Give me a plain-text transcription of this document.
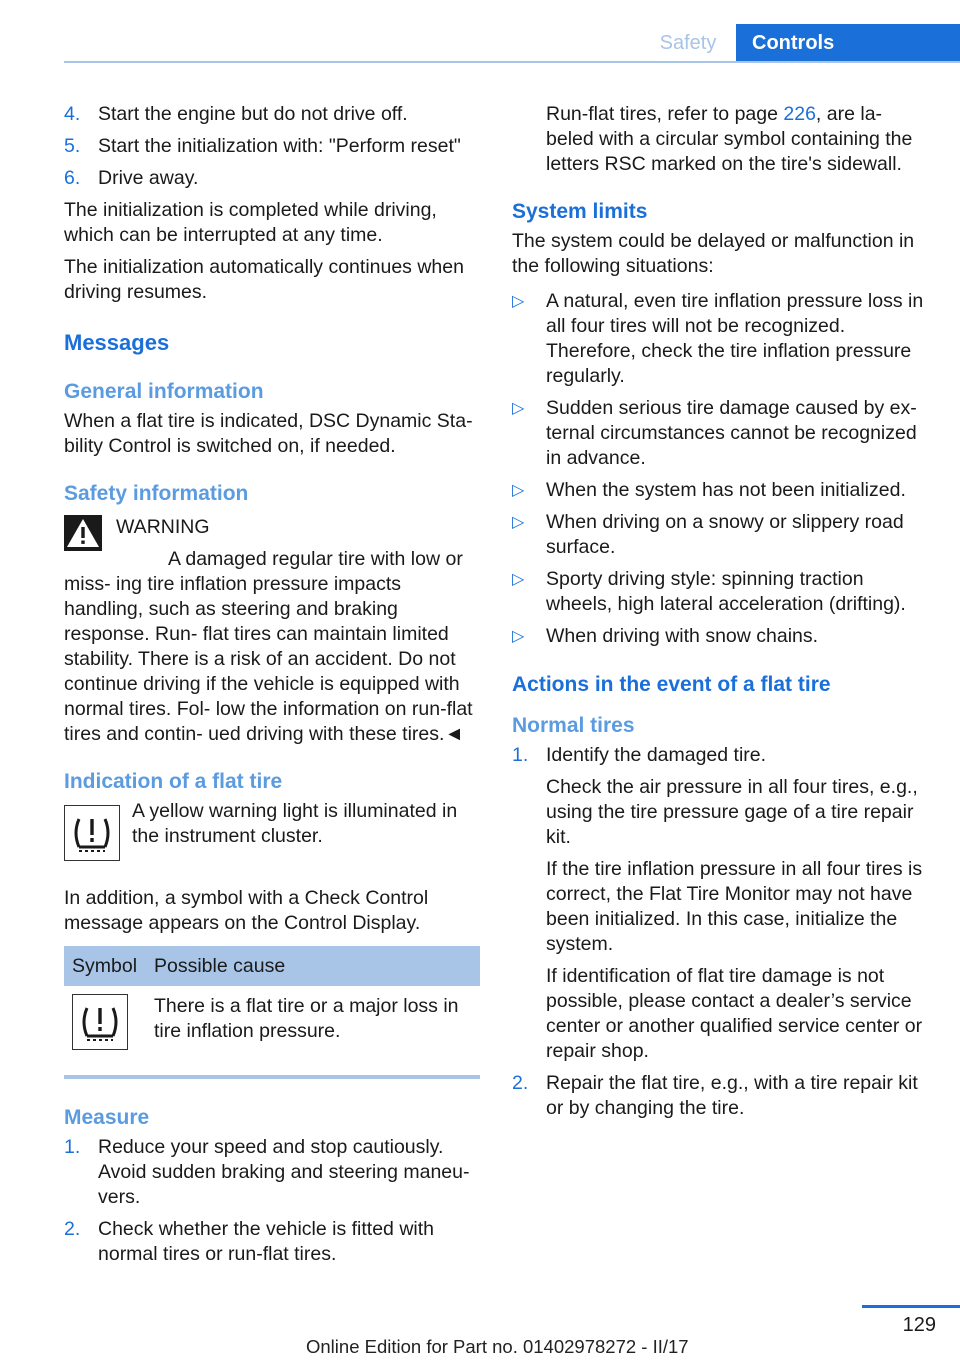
Safety	Controls
4. Start the engine but do not drive off.
5. Start the initialization with: "Perform reset"
6. Drive away.

The initialization is completed while driving, which can be interrupted at any time.

The initialization automatically continues when driving resumes.

Messages
General information

When a flat tire is indicated, DSC Dynamic Sta- bility Control is switched on, if needed.

Safety information
WARNING

A damaged regular tire with low or miss- ing tire inflation pressure impacts handling, such as steering and braking response. Run- flat tires can maintain limited stability. There is a risk of an accident. Do not continue driving if the vehicle is equipped with normal tires. Fol- low the information on run-flat tires and contin- ued driving with these tires.◄

Indication of a flat tire

A yellow warning light is illuminated in the instrument cluster.

In addition, a symbol with a Check Control message appears on the Control Display.

Symbol	Possible cause
	There is a flat tire or a major loss in tire inflation pressure.
Measure
1. Reduce your speed and stop cautiously. Avoid sudden braking and steering maneu- vers.
2. Check whether the vehicle is fitted with normal tires or run-flat tires.

Run-flat tires, refer to page 226, are la- beled with a circular symbol containing the letters RSC marked on the tire's sidewall.

System limits

The system could be delayed or malfunction in the following situations:

▷	A natural, even tire inflation pressure loss in all four tires will not be recognized. Therefore, check the tire inflation pressure regularly.
▷	Sudden serious tire damage caused by ex- ternal circumstances cannot be recognized in advance.
▷	When the system has not been initialized.
▷	When driving on a snowy or slippery road surface.
▷	Sporty driving style: spinning traction wheels, high lateral acceleration (drifting).
▷	When driving with snow chains.
Actions in the event of a flat tire
Normal tires
1. Identify the damaged tire.

Check the air pressure in all four tires, e.g., using the tire pressure gage of a tire repair kit.

If the tire inflation pressure in all four tires is correct, the Flat Tire Monitor may not have been initialized. In this case, initialize the system.

If identification of flat tire damage is not possible, please contact a dealer’s service center or another qualified service center or repair shop.

2. Repair the flat tire, e.g., with a tire repair kit or by changing the tire.
129
Online Edition for Part no. 01402978272 - II/17
